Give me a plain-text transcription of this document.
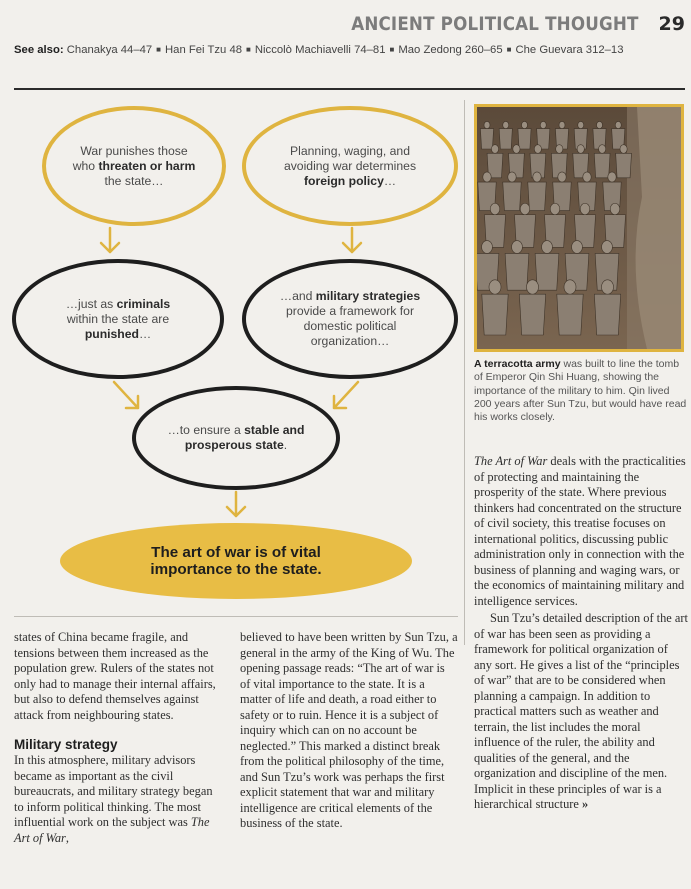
ANCIENT POLITICAL THOUGHT 29
See also: Chanakya 44–47 ■ Han Fei Tzu 48 ■ Niccolò Machiavelli 74–81 ■ Mao Zedong 260–65 ■ Che Guevara 312–13
War punishes those who threaten or harm the state…
Planning, waging, and avoiding war determines foreign policy…
…just as criminals within the state are punished…
…and military strategies provide a framework for domestic political organization…
…to ensure a stable and prosperous state.
The art of war is of vital importance to the state.
A terracotta army was built to line the tomb of Emperor Qin Shi Huang, showing the importance of the military to him. Qin lived 200 years after Sun Tzu, but would have read his works closely.

states of China became fragile, and tensions between them increased as the population grew. Rulers of the states not only had to manage their internal affairs, but also to defend themselves against attack from neighbouring states.

Military strategy

In this atmosphere, military advisors became as important as the civil bureaucrats, and military strategy began to inform political thinking. The most influential work on the subject was The Art of War,

believed to have been written by Sun Tzu, a general in the army of the King of Wu. The opening passage reads: “The art of war is of vital importance to the state. It is a matter of life and death, a road either to safety or to ruin. Hence it is a subject of inquiry which can on no account be neglected.” This marked a distinct break from the political philosophy of the time, and Sun Tzu’s work was perhaps the first explicit statement that war and military intelligence are critical elements of the business of the state.

The Art of War deals with the practicalities of protecting and maintaining the prosperity of the state. Where previous thinkers had concentrated on the structure of civil society, this treatise focuses on international politics, discussing public administration only in connection with the business of planning and waging wars, or the economics of maintaining military and intelligence services.

Sun Tzu’s detailed description of the art of war has been seen as providing a framework for political organization of any sort. He gives a list of the “principles of war” that are to be considered when planning a campaign. In addition to practical matters such as weather and terrain, the list includes the moral influence of the ruler, the ability and qualities of the general, and the organization and discipline of the men. Implicit in these principles of war is a hierarchical structure »
